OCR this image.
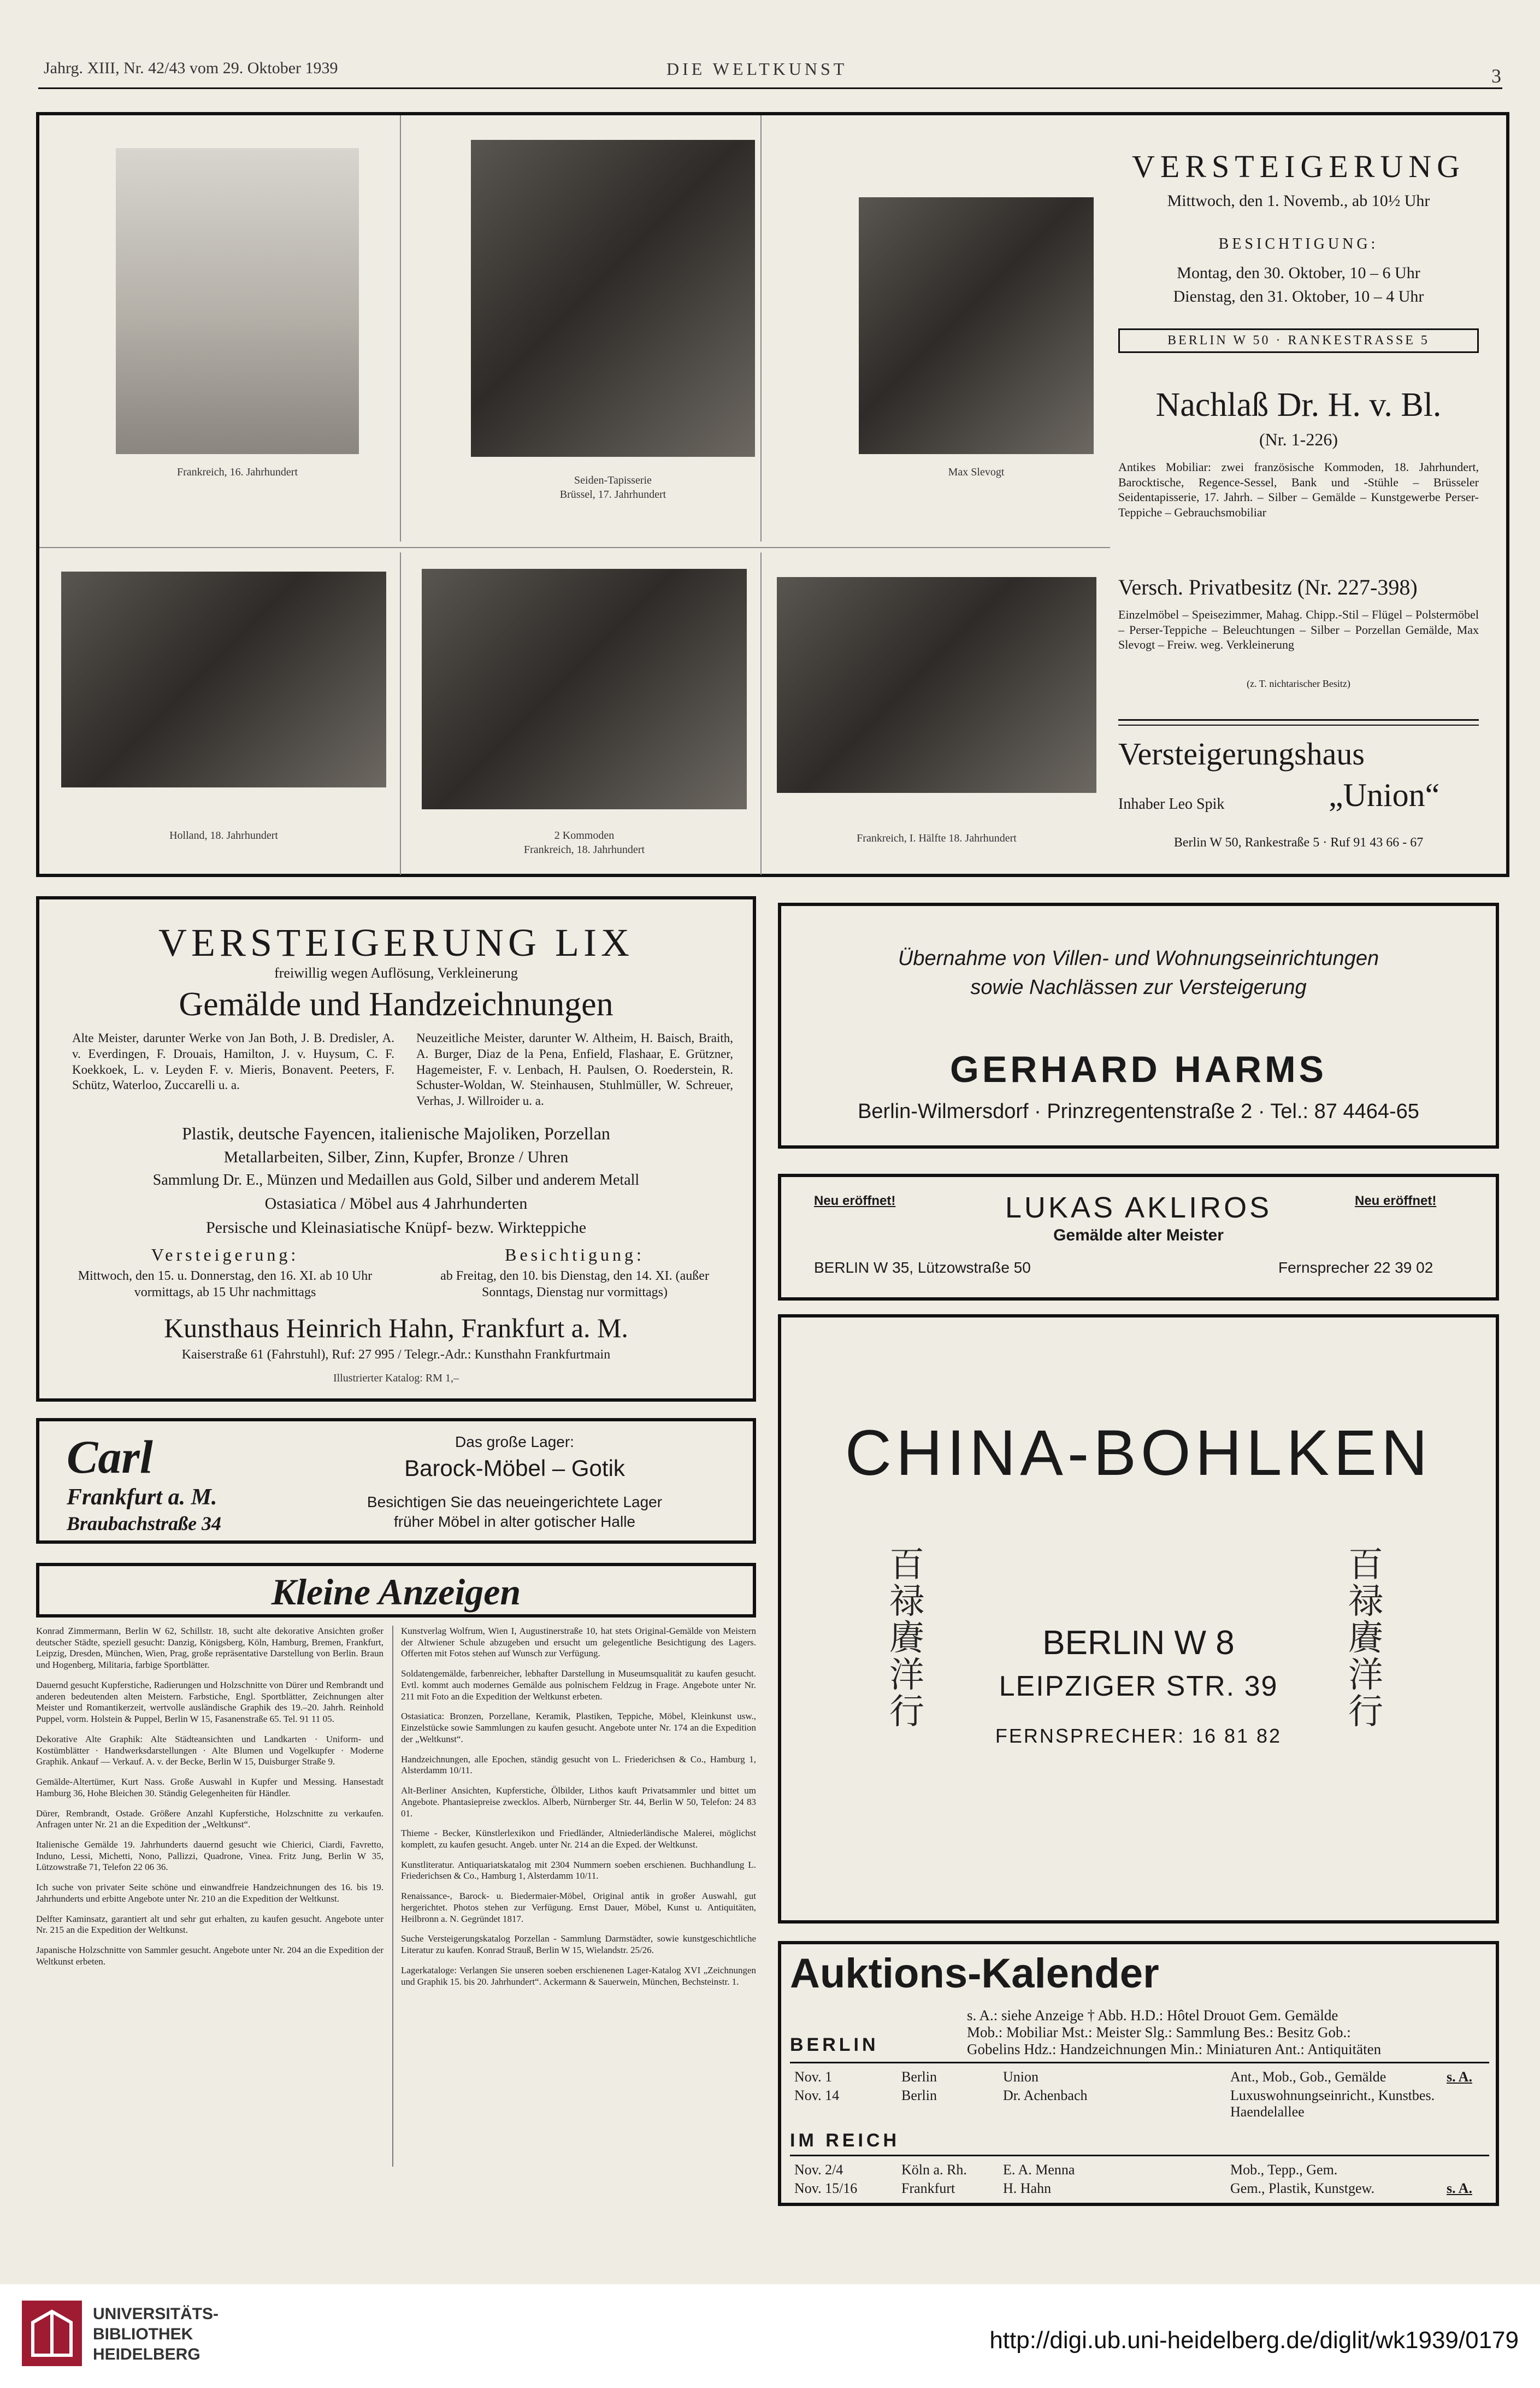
Jahrg. XIII, Nr. 42/43 vom 29. Oktober 1939	DIE WELTKUNST	3
Frankreich, 16. Jahrhundert
Seiden-Tapisserie
Brüssel, 17. Jahrhundert
Max Slevogt
Holland, 18. Jahrhundert	2 Kommoden
Frankreich, 18. Jahrhundert
Frankreich, I. Hälfte 18. Jahrhundert
VERSTEIGERUNG
Mittwoch, den 1. Novemb., ab 10½ Uhr
BESICHTIGUNG:
Montag, den 30. Oktober, 10 – 6 Uhr
Dienstag, den 31. Oktober, 10 – 4 Uhr
BERLIN W 50 · RANKESTRASSE 5
Nachlaß Dr. H. v. Bl.
(Nr. 1-226)
Antikes Mobiliar: zwei französische Kommoden, 18. Jahrhundert, Barocktische, Regence-Sessel, Bank und -Stühle – Brüsseler Seidentapisserie, 17. Jahrh. – Silber – Gemälde – Kunstgewerbe Perser-Teppiche – Gebrauchsmobiliar
Versch. Privatbesitz (Nr. 227-398)
Einzelmöbel – Speisezimmer, Mahag. Chipp.-Stil – Flügel – Polstermöbel – Perser-Teppiche – Beleuchtungen – Silber – Porzellan Gemälde, Max Slevogt – Freiw. weg. Verkleinerung
(z. T. nichtarischer Besitz)
Versteigerungshaus
Inhaber Leo Spik	„Union“
Berlin W 50, Rankestraße 5 · Ruf 91 43 66 - 67
VERSTEIGERUNG LIX
freiwillig wegen Auflösung, Verkleinerung
Gemälde und Handzeichnungen
Alte Meister, darunter Werke von Jan Both, J. B. Dredisler, A. v. Everdingen, F. Drouais, Hamilton, J. v. Huysum, C. F. Koekkoek, L. v. Leyden F. v. Mieris, Bonavent. Peeters, F. Schütz, Waterloo, Zuccarelli u. a.
Neuzeitliche Meister, darunter W. Altheim, H. Baisch, Braith, A. Burger, Diaz de la Pena, Enfield, Flashaar, E. Grützner, Hagemeister, F. v. Lenbach, H. Paulsen, O. Roederstein, R. Schuster-Woldan, W. Steinhausen, Stuhlmüller, W. Schreuer, Verhas, J. Willroider u. a.
Plastik, deutsche Fayencen, italienische Majoliken, Porzellan
Metallarbeiten, Silber, Zinn, Kupfer, Bronze / Uhren
Sammlung Dr. E., Münzen und Medaillen aus Gold, Silber und anderem Metall
Ostasiatica / Möbel aus 4 Jahrhunderten
Persische und Kleinasiatische Knüpf- bezw. Wirkteppiche
Versteigerung:
Mittwoch, den 15. u. Donnerstag, den 16. XI. ab 10 Uhr vormittags, ab 15 Uhr nachmittags
Besichtigung:
ab Freitag, den 10. bis Dienstag, den 14. XI. (außer Sonntags, Dienstag nur vormittags)
Kunsthaus Heinrich Hahn, Frankfurt a. M.
Kaiserstraße 61 (Fahrstuhl), Ruf: 27 995 / Telegr.-Adr.: Kunsthahn Frankfurtmain
Illustrierter Katalog: RM 1,–
Übernahme von Villen- und Wohnungseinrichtungen
sowie Nachlässen zur Versteigerung
GERHARD HARMS
Berlin-Wilmersdorf · Prinzregentenstraße 2 · Tel.: 87 4464-65
Neu eröffnet!	Neu eröffnet!
LUKAS AKLIROS
Gemälde alter Meister
BERLIN W 35, Lützowstraße 50	Fernsprecher 22 39 02
Carl
Frankfurt a. M.
Braubachstraße 34
Das große Lager:
Barock-Möbel – Gotik
Besichtigen Sie das neueingerichtete Lager
früher Möbel in alter gotischer Halle
CHINA-BOHLKEN
百
禄
賡
洋
行
百
禄
賡
洋
行
BERLIN W 8
LEIPZIGER STR. 39
FERNSPRECHER: 16 81 82
Kleine Anzeigen

Konrad Zimmermann, Berlin W 62, Schillstr. 18, sucht alte dekorative Ansichten großer deutscher Städte, speziell gesucht: Danzig, Königsberg, Köln, Hamburg, Bremen, Frankfurt, Leipzig, Dresden, München, Wien, Prag, große repräsentative Darstellung von Berlin. Braun und Hogenberg, Militaria, farbige Sportblätter.

Dauernd gesucht Kupferstiche, Radierungen und Holzschnitte von Dürer und Rembrandt und anderen bedeutenden alten Meistern. Farbstiche, Engl. Sportblätter, Zeichnungen alter Meister und Romantikerzeit, wertvolle ausländische Graphik des 19.–20. Jahrh. Reinhold Puppel, vorm. Holstein & Puppel, Berlin W 15, Fasanenstraße 65. Tel. 91 11 05.

Dekorative Alte Graphik: Alte Städteansichten und Landkarten · Uniform- und Kostümblätter · Handwerksdarstellungen · Alte Blumen und Vogelkupfer · Moderne Graphik. Ankauf — Verkauf. A. v. der Becke, Berlin W 15, Duisburger Straße 9.

Gemälde-Altertümer, Kurt Nass. Große Auswahl in Kupfer und Messing. Hansestadt Hamburg 36, Hohe Bleichen 30. Ständig Gelegenheiten für Händler.

Dürer, Rembrandt, Ostade. Größere Anzahl Kupferstiche, Holzschnitte zu verkaufen. Anfragen unter Nr. 21 an die Expedition der „Weltkunst“.

Italienische Gemälde 19. Jahrhunderts dauernd gesucht wie Chierici, Ciardi, Favretto, Induno, Lessi, Michetti, Nono, Pallizzi, Quadrone, Vinea. Fritz Jung, Berlin W 35, Lützowstraße 71, Telefon 22 06 36.

Ich suche von privater Seite schöne und einwandfreie Handzeichnungen des 16. bis 19. Jahrhunderts und erbitte Angebote unter Nr. 210 an die Expedition der Weltkunst.

Delfter Kaminsatz, garantiert alt und sehr gut erhalten, zu kaufen gesucht. Angebote unter Nr. 215 an die Expedition der Weltkunst.

Japanische Holzschnitte von Sammler gesucht. Angebote unter Nr. 204 an die Expedition der Weltkunst erbeten.

Kunstverlag Wolfrum, Wien I, Augustinerstraße 10, hat stets Original-Gemälde von Meistern der Altwiener Schule abzugeben und ersucht um gelegentliche Besichtigung des Lagers. Offerten mit Fotos stehen auf Wunsch zur Verfügung.

Soldatengemälde, farbenreicher, lebhafter Darstellung in Museumsqualität zu kaufen gesucht. Evtl. kommt auch modernes Gemälde aus polnischem Feldzug in Frage. Angebote unter Nr. 211 mit Foto an die Expedition der Weltkunst erbeten.

Ostasiatica: Bronzen, Porzellane, Keramik, Plastiken, Teppiche, Möbel, Kleinkunst usw., Einzelstücke sowie Sammlungen zu kaufen gesucht. Angebote unter Nr. 174 an die Expedition der „Weltkunst“.

Handzeichnungen, alle Epochen, ständig gesucht von L. Friederichsen & Co., Hamburg 1, Alsterdamm 10/11.

Alt-Berliner Ansichten, Kupferstiche, Ölbilder, Lithos kauft Privatsammler und bittet um Angebote. Phantasiepreise zwecklos. Alberb, Nürnberger Str. 44, Berlin W 50, Telefon: 24 83 01.

Thieme - Becker, Künstlerlexikon und Friedländer, Altniederländische Malerei, möglichst komplett, zu kaufen gesucht. Angeb. unter Nr. 214 an die Exped. der Weltkunst.

Kunstliteratur. Antiquariatskatalog mit 2304 Nummern soeben erschienen. Buchhandlung L. Friederichsen & Co., Hamburg 1, Alsterdamm 10/11.

Renaissance-, Barock- u. Biedermaier-Möbel, Original antik in großer Auswahl, gut hergerichtet. Photos stehen zur Verfügung. Ernst Dauer, Möbel, Kunst u. Antiquitäten, Heilbronn a. N. Gegründet 1817.

Suche Versteigerungskatalog Porzellan - Sammlung Darmstädter, sowie kunstgeschichtliche Literatur zu kaufen. Konrad Strauß, Berlin W 15, Wielandstr. 25/26.

Lagerkataloge: Verlangen Sie unseren soeben erschienenen Lager-Katalog XVI „Zeichnungen und Graphik 15. bis 20. Jahrhundert“. Ackermann & Sauerwein, München, Bechsteinstr. 1.	Auktions-Kalender
s. A.: siehe Anzeige † Abb. H.D.: Hôtel Drouot Gem. Gemälde
Mob.: Mobiliar Mst.: Meister Slg.: Sammlung Bes.: Besitz Gob.:
Gobelins Hdz.: Handzeichnungen Min.: Miniaturen Ant.: Antiquitäten
BERLIN
Nov. 1	Berlin	Union	Ant., Mob., Gob., Gemälde	s. A.
Nov. 14	Berlin	Dr. Achenbach	Luxuswohnungseinricht., Kunstbes. Haendelallee	
IM REICH
Nov. 2/4	Köln a. Rh.	E. A. Menna	Mob., Tepp., Gem.	
Nov. 15/16	Frankfurt	H. Hahn	Gem., Plastik, Kunstgew.	s. A.
UNIVERSITÄTS-
BIBLIOTHEK
HEIDELBERG
http://digi.ub.uni-heidelberg.de/diglit/wk1939/0179
